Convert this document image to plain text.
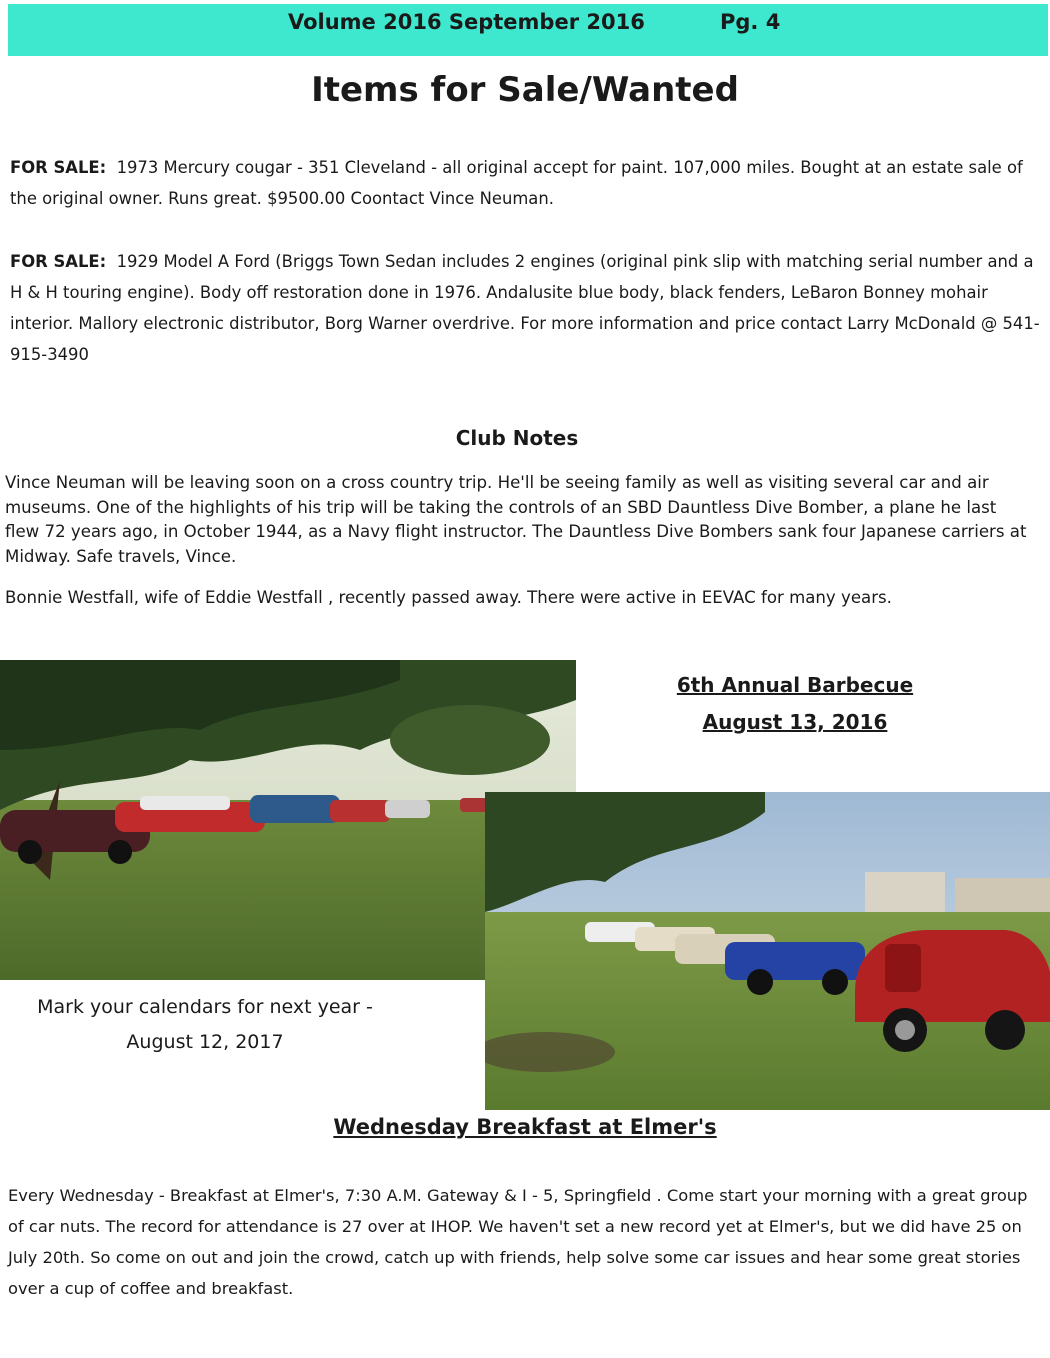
Volume 2016 September 2016	Pg. 4
Items for Sale/Wanted

FOR SALE: 1973 Mercury cougar - 351 Cleveland - all original accept for paint. 107,000 miles. Bought at an estate sale of the original owner. Runs great. $9500.00 Coontact Vince Neuman.

FOR SALE: 1929 Model A Ford (Briggs Town Sedan includes 2 engines (original pink slip with matching serial number and a H & H touring engine). Body off restoration done in 1976. Andalusite blue body, black fenders, LeBaron Bonney mohair interior. Mallory electronic distributor, Borg Warner overdrive. For more information and price contact Larry McDonald @ 541-915-3490

Club Notes

Vince Neuman will be leaving soon on a cross country trip. He'll be seeing family as well as visiting several car and air museums. One of the highlights of his trip will be taking the controls of an SBD Dauntless Dive Bomber, a plane he last flew 72 years ago, in October 1944, as a Navy flight instructor. The Dauntless Dive Bombers sank four Japanese carriers at Midway. Safe travels, Vince.

Bonnie Westfall, wife of Eddie Westfall , recently passed away. There were active in EEVAC for many years.

6th Annual Barbecue
August 13, 2016
Mark your calendars for next year - August 12, 2017
Wednesday Breakfast at Elmer's

Every Wednesday - Breakfast at Elmer's, 7:30 A.M. Gateway & I - 5, Springfield . Come start your morning with a great group of car nuts. The record for attendance is 27 over at IHOP. We haven't set a new record yet at Elmer's, but we did have 25 on July 20th. So come on out and join the crowd, catch up with friends, help solve some car issues and hear some great stories over a cup of coffee and breakfast.
